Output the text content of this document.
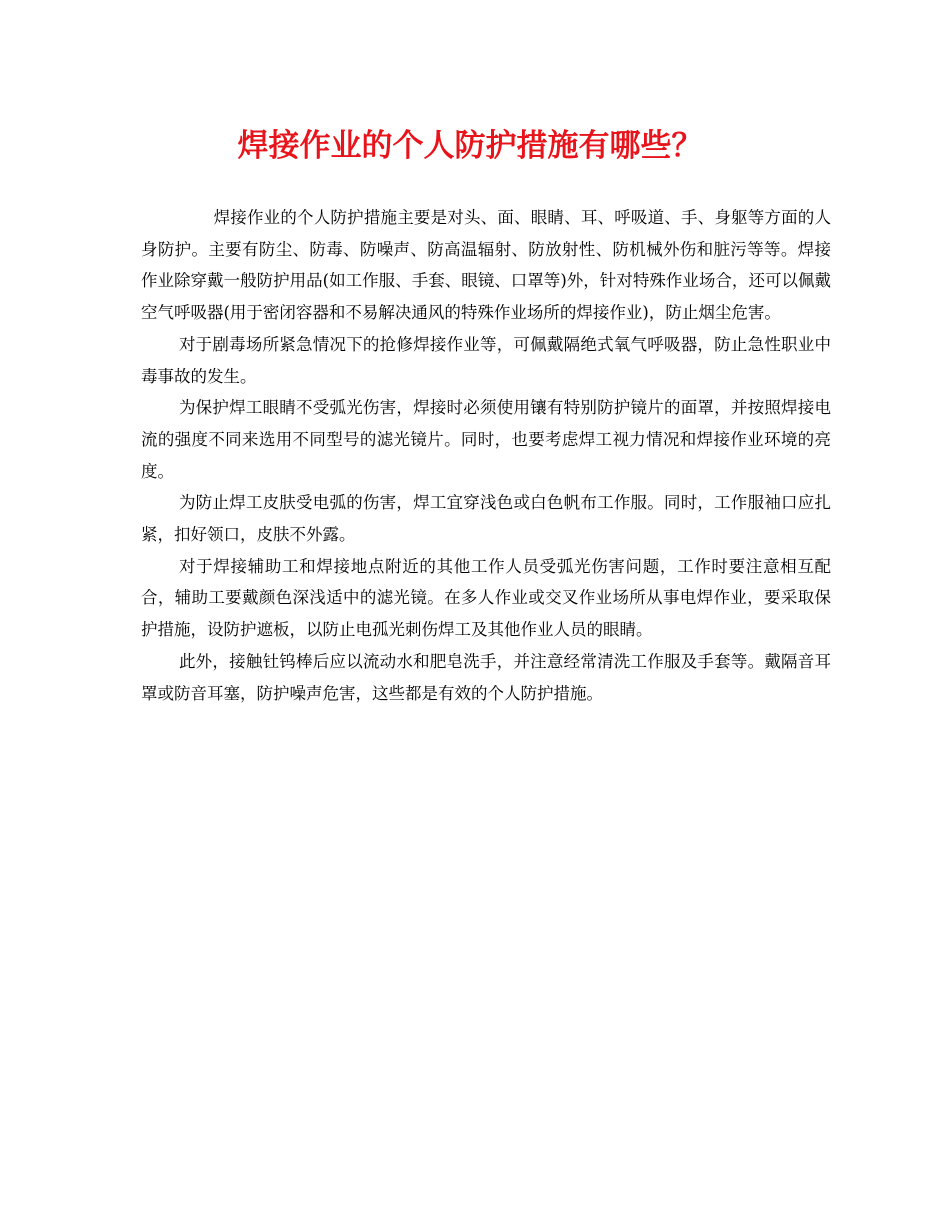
焊接作业的个人防护措施有哪些？

焊接作业的个人防护措施主要是对头、面、眼睛、耳、呼吸道、手、身躯等方面的人身防护。主要有防尘、防毒、防噪声、防高温辐射、防放射性、防机械外伤和脏污等等。焊接作业除穿戴一般防护用品(如工作服、手套、眼镜、口罩等)外，针对特殊作业场合，还可以佩戴空气呼吸器(用于密闭容器和不易解决通风的特殊作业场所的焊接作业)，防止烟尘危害。

对于剧毒场所紧急情况下的抢修焊接作业等，可佩戴隔绝式氧气呼吸器，防止急性职业中毒事故的发生。

为保护焊工眼睛不受弧光伤害，焊接时必须使用镶有特别防护镜片的面罩，并按照焊接电流的强度不同来选用不同型号的滤光镜片。同时，也要考虑焊工视力情况和焊接作业环境的亮度。

为防止焊工皮肤受电弧的伤害，焊工宜穿浅色或白色帆布工作服。同时，工作服袖口应扎紧，扣好领口，皮肤不外露。

对于焊接辅助工和焊接地点附近的其他工作人员受弧光伤害问题，工作时要注意相互配合，辅助工要戴颜色深浅适中的滤光镜。在多人作业或交叉作业场所从事电焊作业，要采取保护措施，设防护遮板，以防止电孤光刺伤焊工及其他作业人员的眼睛。

此外，接触钍钨棒后应以流动水和肥皂洗手，并注意经常清洗工作服及手套等。戴隔音耳罩或防音耳塞，防护噪声危害，这些都是有效的个人防护措施。
